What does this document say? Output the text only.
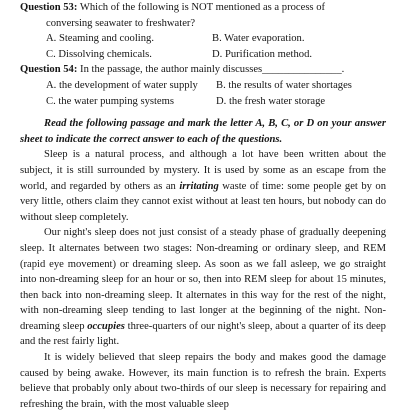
Question 53: Which of the following is NOT mentioned as a process of
conversing seawater to freshwater?
A. Steaming and cooling.	B. Water evaporation.
C. Dissolving chemicals.	D. Purification method.
Question 54: In the passage, the author mainly discusses_______________.
A. the development of water supply	B. the results of water shortages
C. the water pumping systems	D. the fresh water storage

Read the following passage and mark the letter A, B, C, or D on your answer sheet to indicate the correct answer to each of the questions.

Sleep is a natural process, and although a lot have been written about the subject, it is still surrounded by mystery. It is used by some as an escape from the world, and regarded by others as an irritating waste of time: some people get by on very little, others claim they cannot exist without at least ten hours, but nobody can do without sleep completely.

Our night's sleep does not just consist of a steady phase of gradually deepening sleep. It alternates between two stages: Non-dreaming or ordinary sleep, and REM (rapid eye movement) or dreaming sleep. As soon as we fall asleep, we go straight into non-dreaming sleep for an hour or so, then into REM sleep for about 15 minutes, then back into non-dreaming sleep. It alternates in this way for the rest of the night, with non-dreaming sleep tending to last longer at the beginning of the night. Non-dreaming sleep occupies three-quarters of our night's sleep, about a quarter of its deep and the rest fairly light.

It is widely believed that sleep repairs the body and makes good the damage caused by being awake. However, its main function is to refresh the brain. Experts believe that probably only about two-thirds of our sleep is necessary for repairing and refreshing the brain, with the most valuable sleep
